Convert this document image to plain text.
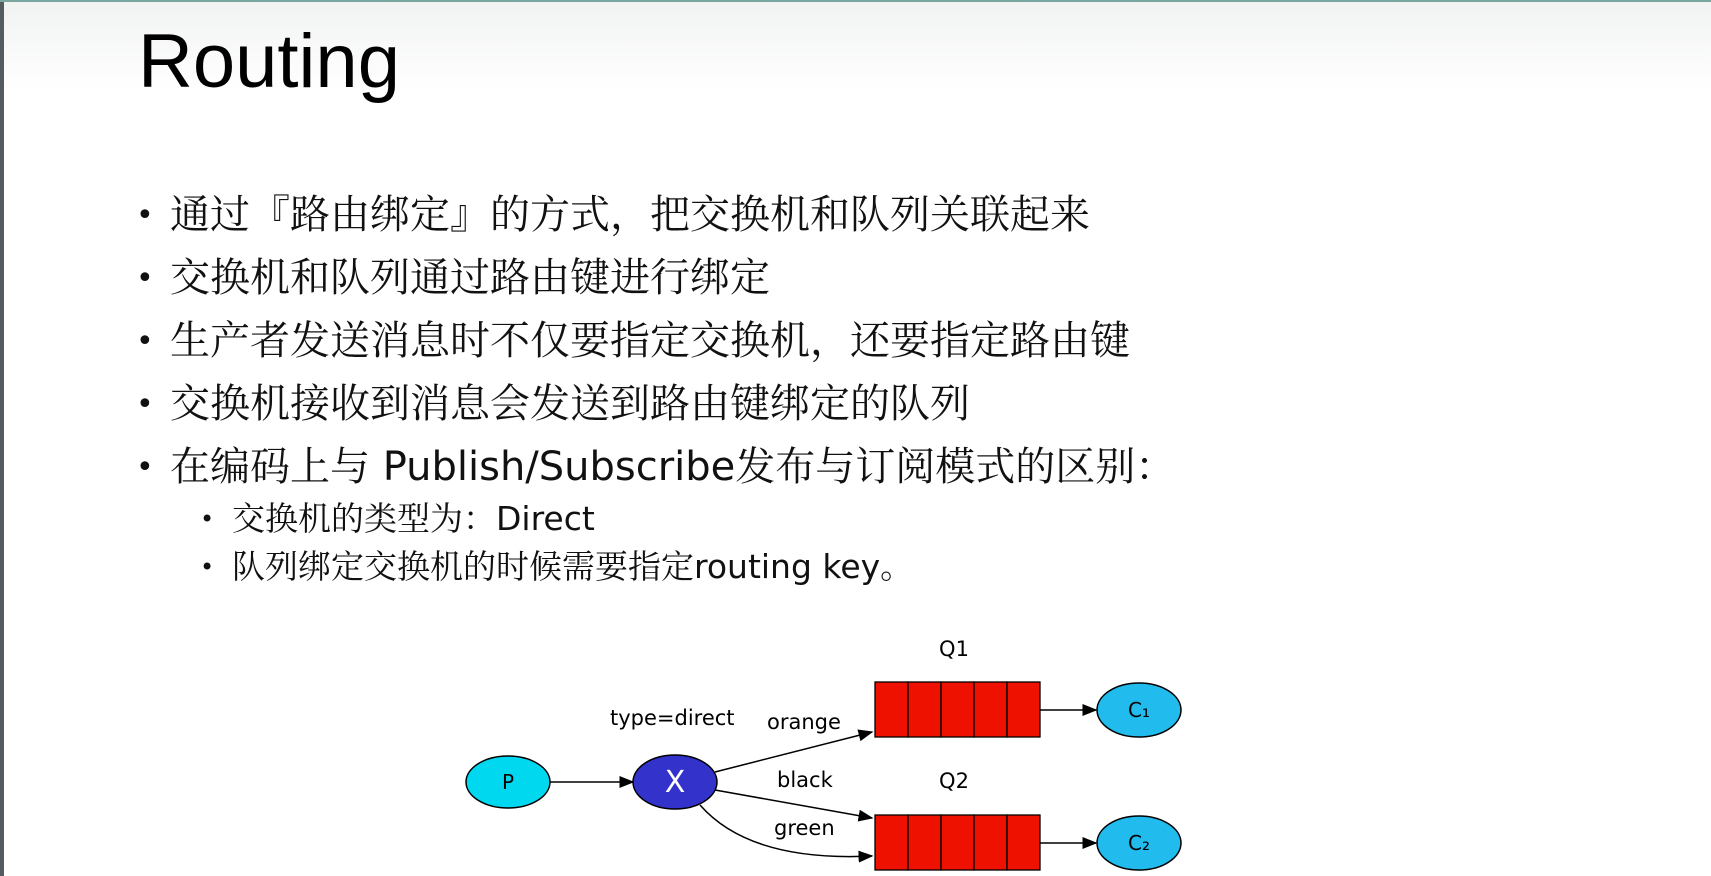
Routing
• 通过『路由绑定』的方式，把交换机和队列关联起来
• 交换机和队列通过路由键进行绑定
• 生产者发送消息时不仅要指定交换机，还要指定路由键
• 交换机接收到消息会发送到路由键绑定的队列
• 在编码上与 Publish/Subscribe发布与订阅模式的区别：
• 交换机的类型为：Direct
• 队列绑定交换机的时候需要指定routing key。
P	X
type=direct orange
black
green
Q1
Q2
C₁
C₂
